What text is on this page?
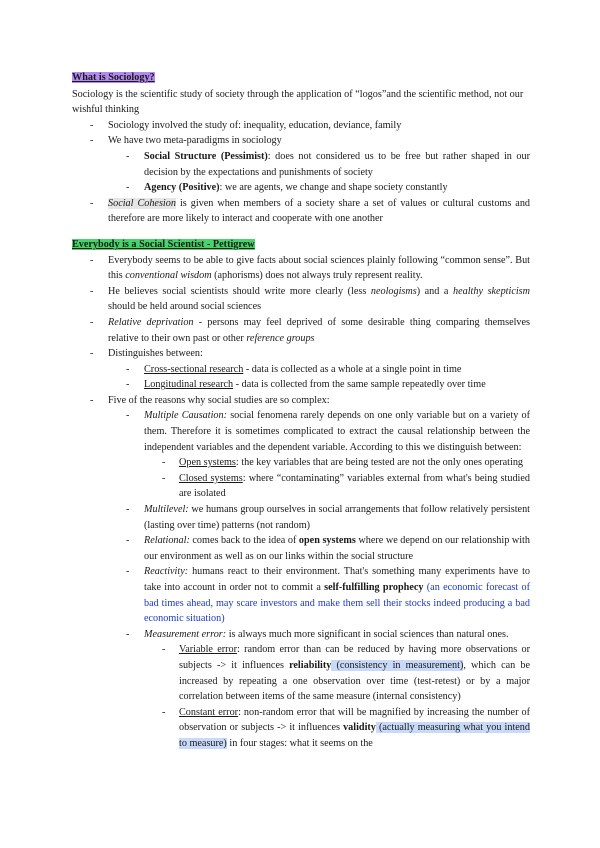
What is Sociology?

Sociology is the scientific study of society through the application of “logos”and the scientific method, not our wishful thinking

- Sociology involved the study of: inequality, education, deviance, family
- We have two meta-paradigms in sociology
- Social Structure (Pessimist): does not considered us to be free but rather shaped in our decision by the expectations and punishments of society
- Agency (Positive): we are agents, we change and shape society constantly
- Social Cohesion is given when members of a society share a set of values or cultural customs and therefore are more likely to interact and cooperate with one another

Everybody is a Social Scientist - Pettigrew

- Everybody seems to be able to give facts about social sciences plainly following “common sense”. But this conventional wisdom (aphorisms) does not always truly represent reality.
- He believes social scientists should write more clearly (less neologisms) and a healthy skepticism should be held around social sciences
- Relative deprivation - persons may feel deprived of some desirable thing comparing themselves relative to their own past or other reference groups
- Distinguishes between:
- Cross-sectional research - data is collected as a whole at a single point in time
- Longitudinal research - data is collected from the same sample repeatedly over time
- Five of the reasons why social studies are so complex:
- Multiple Causation: social fenomena rarely depends on one only variable but on a variety of them. Therefore it is sometimes complicated to extract the causal relationship between the independent variables and the dependent variable. According to this we distinguish between:
- Open systems: the key variables that are being tested are not the only ones operating
- Closed systems: where “contaminating” variables external from what's being studied are isolated
- Multilevel: we humans group ourselves in social arrangements that follow relatively persistent (lasting over time) patterns (not random)
- Relational: comes back to the idea of open systems where we depend on our relationship with our environment as well as on our links within the social structure
- Reactivity: humans react to their environment. That's something many experiments have to take into account in order not to commit a self-fulfilling prophecy (an economic forecast of bad times ahead, may scare investors and make them sell their stocks indeed producing a bad economic situation)
- Measurement error: is always much more significant in social sciences than natural ones.
- Variable error: random error than can be reduced by having more observations or subjects -> it influences reliability (consistency in measurement), which can be increased by repeating a one observation over time (test-retest) or by a major correlation between items of the same measure (internal consistency)
- Constant error: non-random error that will be magnified by increasing the number of observation or subjects -> it influences validity (actually measuring what you intend to measure) in four stages: what it seems on the
